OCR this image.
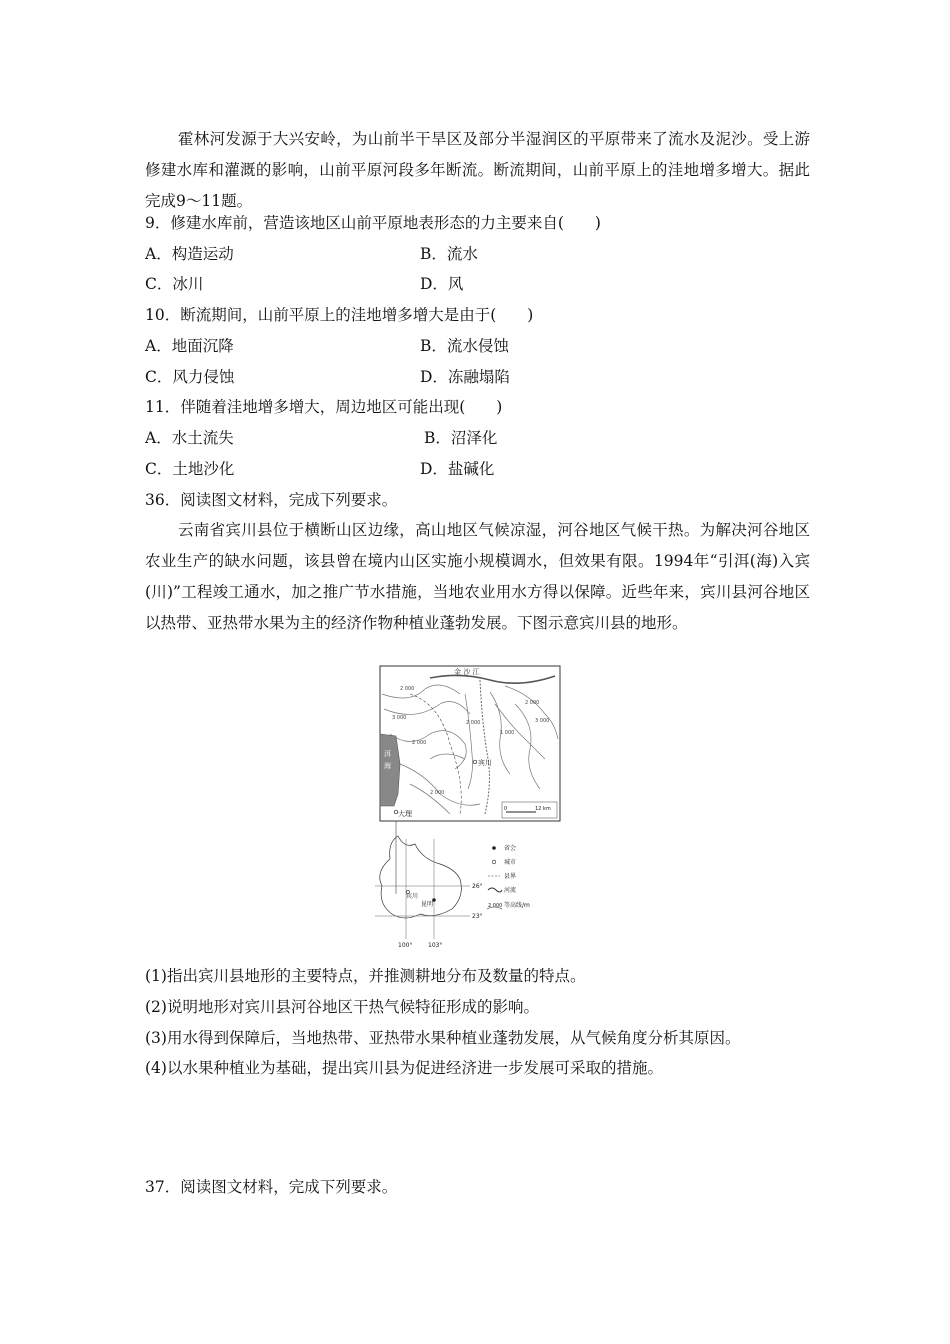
霍林河发源于大兴安岭，为山前半干旱区及部分半湿润区的平原带来了流水及泥沙。受上游修建水库和灌溉的影响，山前平原河段多年断流。断流期间，山前平原上的洼地增多增大。据此完成9～11题。

9．修建水库前，营造该地区山前平原地表形态的力主要来自(　　)

A．构造运动	B．流水

C．冰川	D．风

10．断流期间，山前平原上的洼地增多增大是由于(　　)

A．地面沉降	B．流水侵蚀

C．风力侵蚀	D．冻融塌陷

11．伴随着洼地增多增大，周边地区可能出现(　　)

A．水土流失	B．沼泽化

C．土地沙化	D．盐碱化

36．阅读图文材料，完成下列要求。

云南省宾川县位于横断山区边缘，高山地区气候凉湿，河谷地区气候干热。为解决河谷地区农业生产的缺水问题，该县曾在境内山区实施小规模调水，但效果有限。1994年“引洱(海)入宾(川)”工程竣工通水，加之推广节水措施，当地农业用水方得以保障。近些年来，宾川县河谷地区以热带、亚热带水果为主的经济作物种植业蓬勃发展。下图示意宾川县的地形。

洱
海
金 沙 江
宾川
大理
2 000
3 000
2 000
2 000
1 000
2 000
3 000
2 000
0	12 km
26°
23°
100°	103°
宾川
昆明
省会
城市
县界
河流
2 000 等高线/m

(1)指出宾川县地形的主要特点，并推测耕地分布及数量的特点。

(2)说明地形对宾川县河谷地区干热气候特征形成的影响。

(3)用水得到保障后，当地热带、亚热带水果种植业蓬勃发展，从气候角度分析其原因。

(4)以水果种植业为基础，提出宾川县为促进经济进一步发展可采取的措施。

37．阅读图文材料，完成下列要求。
